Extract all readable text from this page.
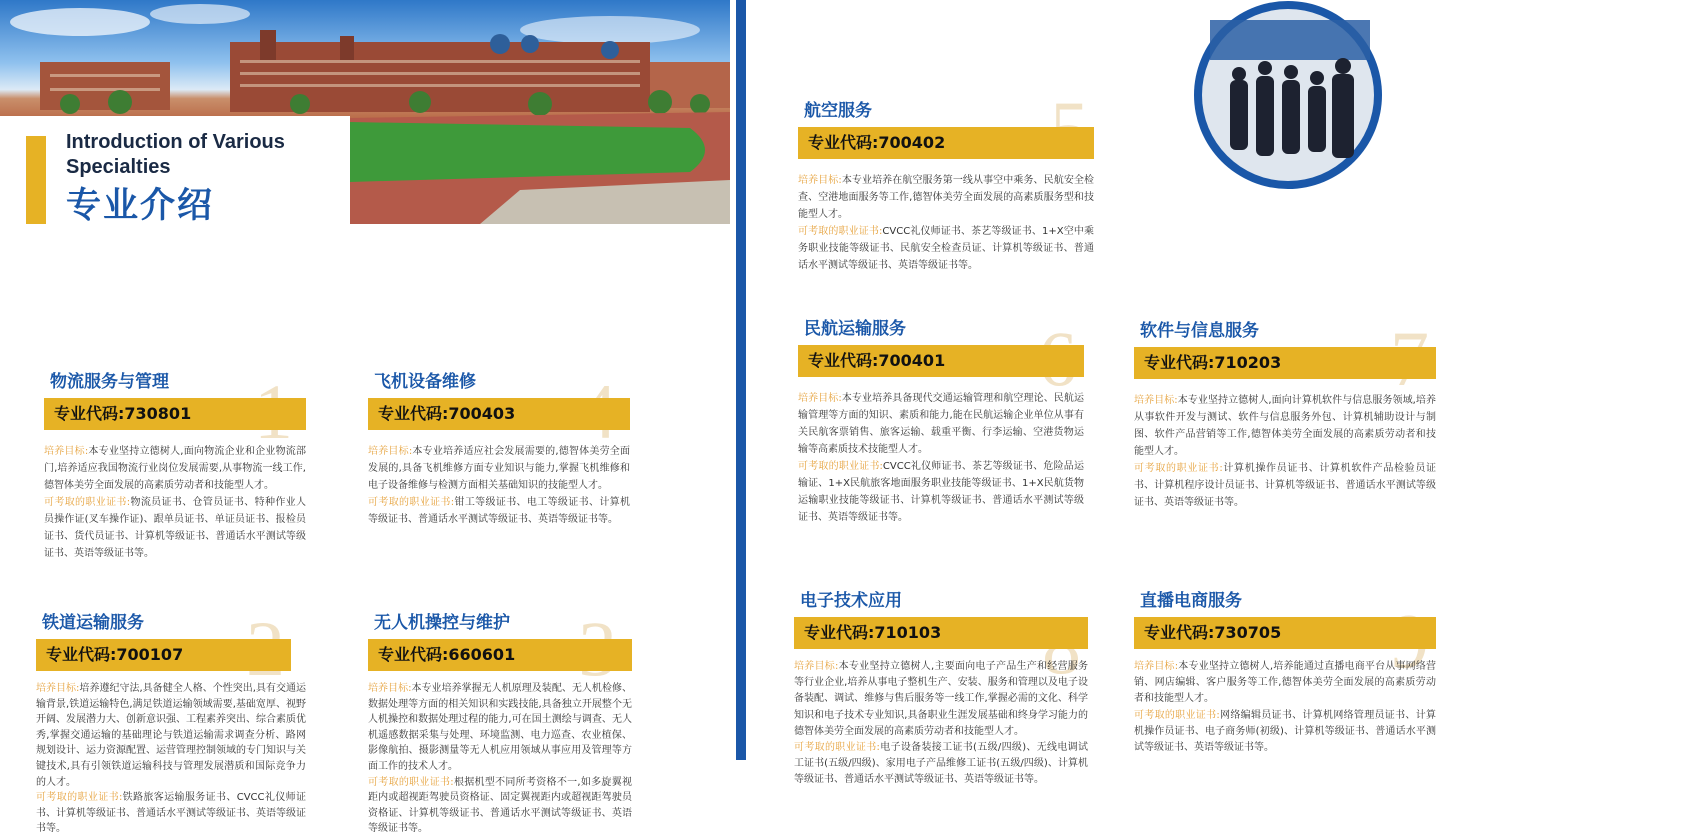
Introduction of Various Specialties
专业介绍
物流服务与管理
专业代码:730801
培养目标:本专业坚持立德树人,面向物流企业和企业物流部门,培养适应我国物流行业岗位发展需要,从事物流一线工作,德智体美劳全面发展的高素质劳动者和技能型人才。
可考取的职业证书:物流员证书、仓管员证书、特种作业人员操作证(叉车操作证)、跟单员证书、单证员证书、报检员证书、货代员证书、计算机等级证书、普通话水平测试等级证书、英语等级证书等。
飞机设备维修
专业代码:700403
培养目标:本专业培养适应社会发展需要的,德智体美劳全面发展的,具备飞机维修方面专业知识与能力,掌握飞机维修和电子设备维修与检测方面相关基础知识的技能型人才。
可考取的职业证书:钳工等级证书、电工等级证书、计算机等级证书、普通话水平测试等级证书、英语等级证书等。
铁道运输服务
专业代码:700107
培养目标:培养遵纪守法,具备健全人格、个性突出,具有交通运输背景,铁道运输特色,满足铁道运输领域需要,基础宽厚、视野开阔、发展潜力大、创新意识强、工程素养突出、综合素质优秀,掌握交通运输的基础理论与铁道运输需求调查分析、路网规划设计、运力资源配置、运营管理控制领域的专门知识与关键技术,具有引领铁道运输科技与管理发展潜质和国际竞争力的人才。
可考取的职业证书:铁路旅客运输服务证书、CVCC礼仪师证书、计算机等级证书、普通话水平测试等级证书、英语等级证书等。
无人机操控与维护
专业代码:660601
培养目标:本专业培养掌握无人机原理及装配、无人机检修、数据处理等方面的相关知识和实践技能,具备独立开展整个无人机操控和数据处理过程的能力,可在国土测绘与调查、无人机遥感数据采集与处理、环境监测、电力巡查、农业植保、影像航拍、摄影测量等无人机应用领域从事应用及管理等方面工作的技术人才。
可考取的职业证书:根据机型不同所考资格不一,如多旋翼视距内或超视距驾驶员资格证、固定翼视距内或超视距驾驶员资格证、计算机等级证书、普通话水平测试等级证书、英语等级证书等。
航空服务
专业代码:700402
培养目标:本专业培养在航空服务第一线从事空中乘务、民航安全检查、空港地面服务等工作,德智体美劳全面发展的高素质服务型和技能型人才。
可考取的职业证书:CVCC礼仪师证书、茶艺等级证书、1+X空中乘务职业技能等级证书、民航安全检查员证、计算机等级证书、普通话水平测试等级证书、英语等级证书等。
民航运输服务
专业代码:700401
培养目标:本专业培养具备现代交通运输管理和航空理论、民航运输管理等方面的知识、素质和能力,能在民航运输企业单位从事有关民航客票销售、旅客运输、载重平衡、行李运输、空港货物运输等高素质技术技能型人才。
可考取的职业证书:CVCC礼仪师证书、茶艺等级证书、危险品运输证、1+X民航旅客地面服务职业技能等级证书、1+X民航货物运输职业技能等级证书、计算机等级证书、普通话水平测试等级证书、英语等级证书等。
软件与信息服务
专业代码:710203
培养目标:本专业坚持立德树人,面向计算机软件与信息服务领域,培养从事软件开发与测试、软件与信息服务外包、计算机辅助设计与制图、软件产品营销等工作,德智体美劳全面发展的高素质劳动者和技能型人才。
可考取的职业证书:计算机操作员证书、计算机软件产品检验员证书、计算机程序设计员证书、计算机等级证书、普通话水平测试等级证书、英语等级证书等。
电子技术应用
专业代码:710103
培养目标:本专业坚持立德树人,主要面向电子产品生产和经营服务等行业企业,培养从事电子整机生产、安装、服务和管理以及电子设备装配、调试、维修与售后服务等一线工作,掌握必需的文化、科学知识和电子技术专业知识,具备职业生涯发展基础和终身学习能力的德智体美劳全面发展的高素质劳动者和技能型人才。
可考取的职业证书:电子设备装接工证书(五级/四级)、无线电调试工证书(五级/四级)、家用电子产品维修工证书(五级/四级)、计算机等级证书、普通话水平测试等级证书、英语等级证书等。
直播电商服务
专业代码:730705
培养目标:本专业坚持立德树人,培养能通过直播电商平台从事网络营销、网店编辑、客户服务等工作,德智体美劳全面发展的高素质劳动者和技能型人才。
可考取的职业证书:网络编辑员证书、计算机网络管理员证书、计算机操作员证书、电子商务师(初级)、计算机等级证书、普通话水平测试等级证书、英语等级证书等。
